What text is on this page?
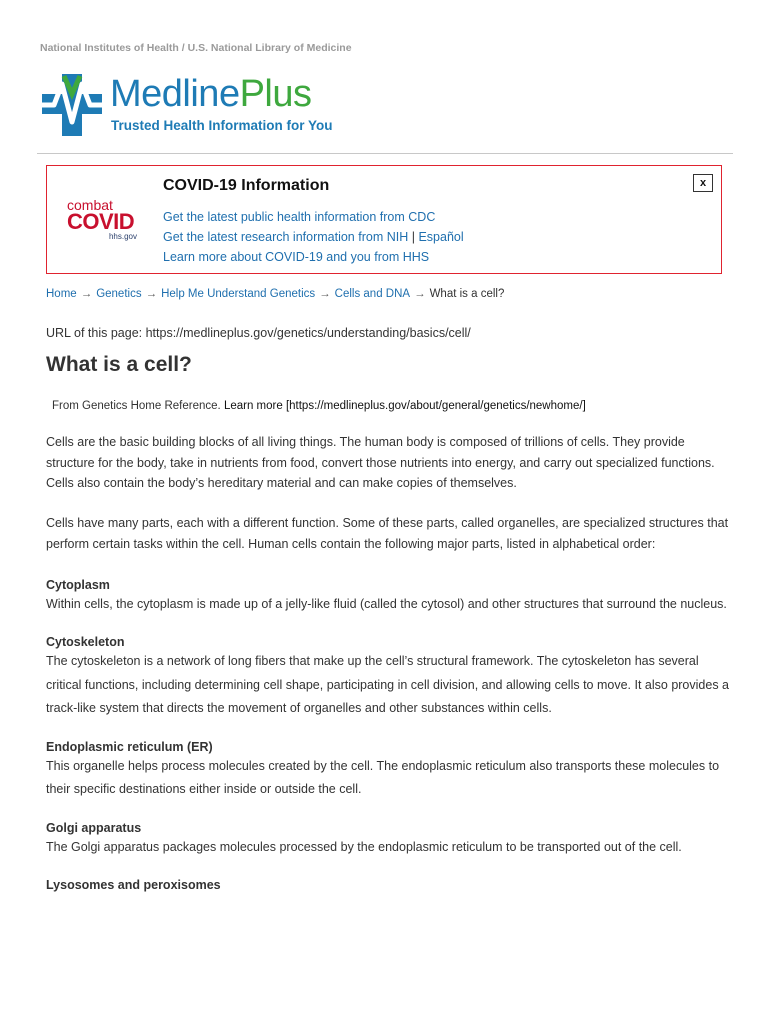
National Institutes of Health / U.S. National Library of Medicine
MedlinePlus
Trusted Health Information for You
combat
COVID
hhs.gov
COVID-19 Information
Get the latest public health information from CDC
Get the latest research information from NIH | Español
Learn more about COVID-19 and you from HHS
x
Home → Genetics → Help Me Understand Genetics → Cells and DNA → What is a cell?
URL of this page: https://medlineplus.gov/genetics/understanding/basics/cell/
What is a cell?
From Genetics Home Reference. Learn more [https://medlineplus.gov/about/general/genetics/newhome/]

Cells are the basic building blocks of all living things. The human body is composed of trillions of cells. They provide structure for the body, take in nutrients from food, convert those nutrients into energy, and carry out specialized functions. Cells also contain the body’s hereditary material and can make copies of themselves.

Cells have many parts, each with a different function. Some of these parts, called organelles, are specialized structures that perform certain tasks within the cell. Human cells contain the following major parts, listed in alphabetical order:

Cytoplasm

Within cells, the cytoplasm is made up of a jelly-like fluid (called the cytosol) and other structures that surround the nucleus.

Cytoskeleton

The cytoskeleton is a network of long fibers that make up the cell’s structural framework. The cytoskeleton has several critical functions, including determining cell shape, participating in cell division, and allowing cells to move. It also provides a track-like system that directs the movement of organelles and other substances within cells.

Endoplasmic reticulum (ER)

This organelle helps process molecules created by the cell. The endoplasmic reticulum also transports these molecules to their specific destinations either inside or outside the cell.

Golgi apparatus

The Golgi apparatus packages molecules processed by the endoplasmic reticulum to be transported out of the cell.

Lysosomes and peroxisomes
